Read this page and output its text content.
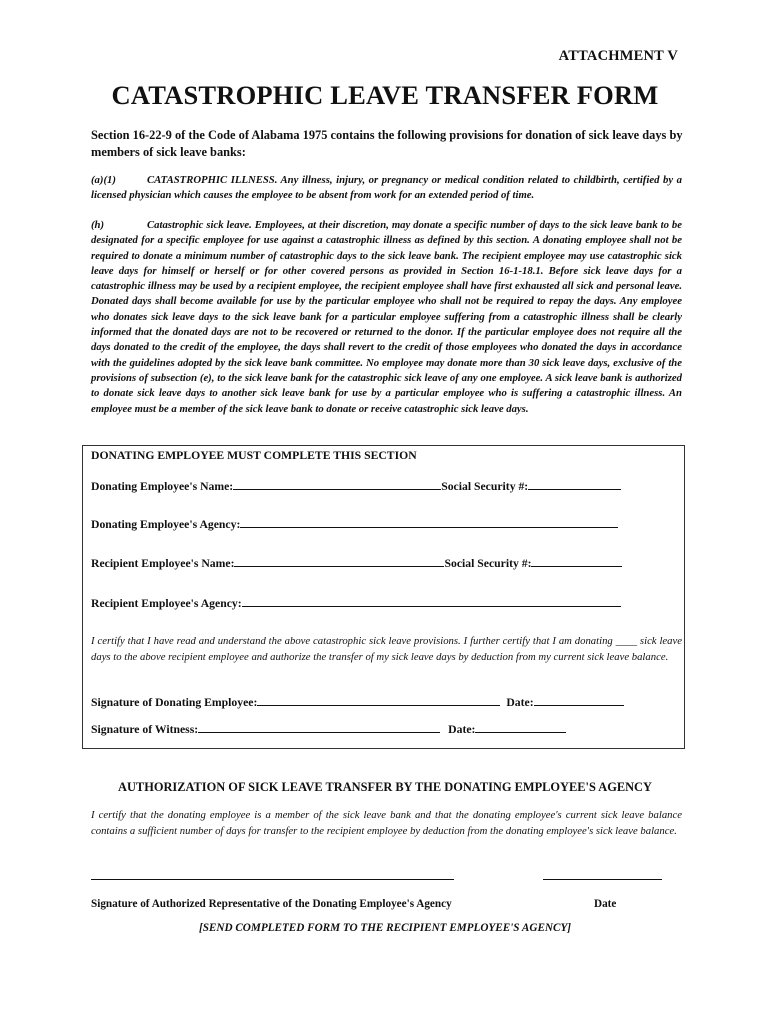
ATTACHMENT V
CATASTROPHIC LEAVE TRANSFER FORM
Section 16-22-9 of the Code of Alabama 1975 contains the following provisions for donation of sick leave days by members of sick leave banks:
(a)(1)	CATASTROPHIC ILLNESS. Any illness, injury, or pregnancy or medical condition related to childbirth, certified by a licensed physician which causes the employee to be absent from work for an extended period of time.
(h)	Catastrophic sick leave. Employees, at their discretion, may donate a specific number of days to the sick leave bank to be designated for a specific employee for use against a catastrophic illness as defined by this section. A donating employee shall not be required to donate a minimum number of catastrophic days to the sick leave bank. The recipient employee may use catastrophic sick leave days for himself or herself or for other covered persons as provided in Section 16-1-18.1. Before sick leave days for a catastrophic illness may be used by a recipient employee, the recipient employee shall have first exhausted all sick and personal leave. Donated days shall become available for use by the particular employee who shall not be required to repay the days. Any employee who donates sick leave days to the sick leave bank for a particular employee suffering from a catastrophic illness shall be clearly informed that the donated days are not to be recovered or returned to the donor. If the particular employee does not require all the days donated to the credit of the employee, the days shall revert to the credit of those employees who donated the days in accordance with the guidelines adopted by the sick leave bank committee. No employee may donate more than 30 sick leave days, exclusive of the provisions of subsection (e), to the sick leave bank for the catastrophic sick leave of any one employee. A sick leave bank is authorized to donate sick leave days to another sick leave bank for use by a particular employee who is suffering a catastrophic illness. An employee must be a member of the sick leave bank to donate or receive catastrophic sick leave days.
DONATING EMPLOYEE MUST COMPLETE THIS SECTION
Donating Employee's Name:	Social Security #:
Donating Employee's Agency:
Recipient Employee's Name:	Social Security #:
Recipient Employee's Agency:
I certify that I have read and understand the above catastrophic sick leave provisions. I further certify that I am donating ____ sick leave days to the above recipient employee and authorize the transfer of my sick leave days by deduction from my current sick leave balance.
Signature of Donating Employee:	Date:
Signature of Witness:	Date:
AUTHORIZATION OF SICK LEAVE TRANSFER BY THE DONATING EMPLOYEE'S AGENCY
I certify that the donating employee is a member of the sick leave bank and that the donating employee's current sick leave balance contains a sufficient number of days for transfer to the recipient employee by deduction from the donating employee's sick leave balance.
Signature of Authorized Representative of the Donating Employee's Agency	Date
[SEND COMPLETED FORM TO THE RECIPIENT EMPLOYEE'S AGENCY]
